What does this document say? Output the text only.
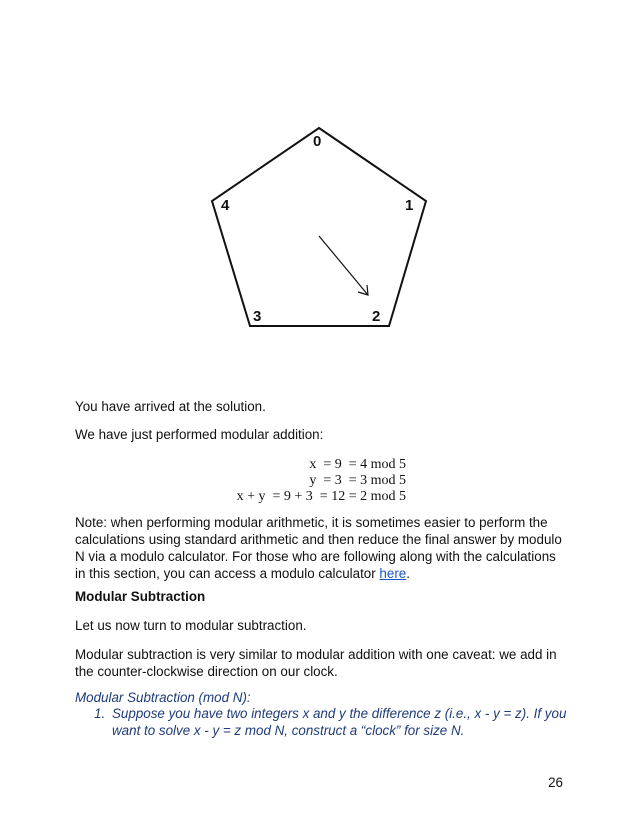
0
1
2
3
4

You have arrived at the solution.

We have just performed modular addition:

x  = 9  = 4 mod 5
y  = 3  = 3 mod 5
x + y  = 9 + 3  = 12 = 2 mod 5

Note: when performing modular arithmetic, it is sometimes easier to perform the calculations using standard arithmetic and then reduce the final answer by modulo N via a modulo calculator. For those who are following along with the calculations in this section, you can access a modulo calculator here.

Modular Subtraction

Let us now turn to modular subtraction.

Modular subtraction is very similar to modular addition with one caveat: we add in the counter-clockwise direction on our clock.

Modular Subtraction (mod N):

1. Suppose you have two integers x and y the difference z (i.e., x - y = z). If you want to solve x - y = z mod N, construct a “clock” for size N.
26
